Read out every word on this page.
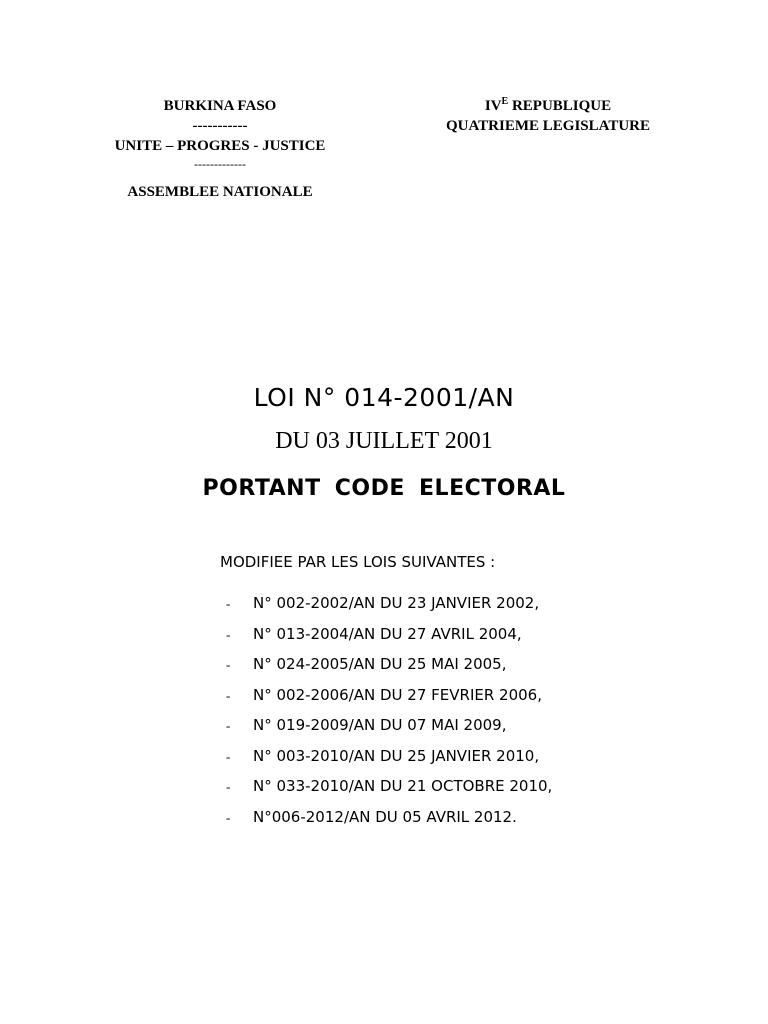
BURKINA FASO
-----------
UNITE – PROGRES - JUSTICE
-------------
ASSEMBLEE NATIONALE
$IV^E$ REPUBLIQUE
QUATRIEME LEGISLATURE
LOI N° 014-2001/AN
DU 03 JUILLET 2001
PORTANT CODE ELECTORAL
MODIFIEE PAR LES LOIS SUIVANTES :
- N° 002-2002/AN DU 23 JANVIER 2002,
- N° 013-2004/AN DU 27 AVRIL 2004,
- N° 024-2005/AN DU 25 MAI 2005,
- N° 002-2006/AN DU 27 FEVRIER 2006,
- N° 019-2009/AN DU 07 MAI 2009,
- N° 003-2010/AN DU 25 JANVIER 2010,
- N° 033-2010/AN DU 21 OCTOBRE 2010,
- N°006-2012/AN DU 05 AVRIL 2012.
